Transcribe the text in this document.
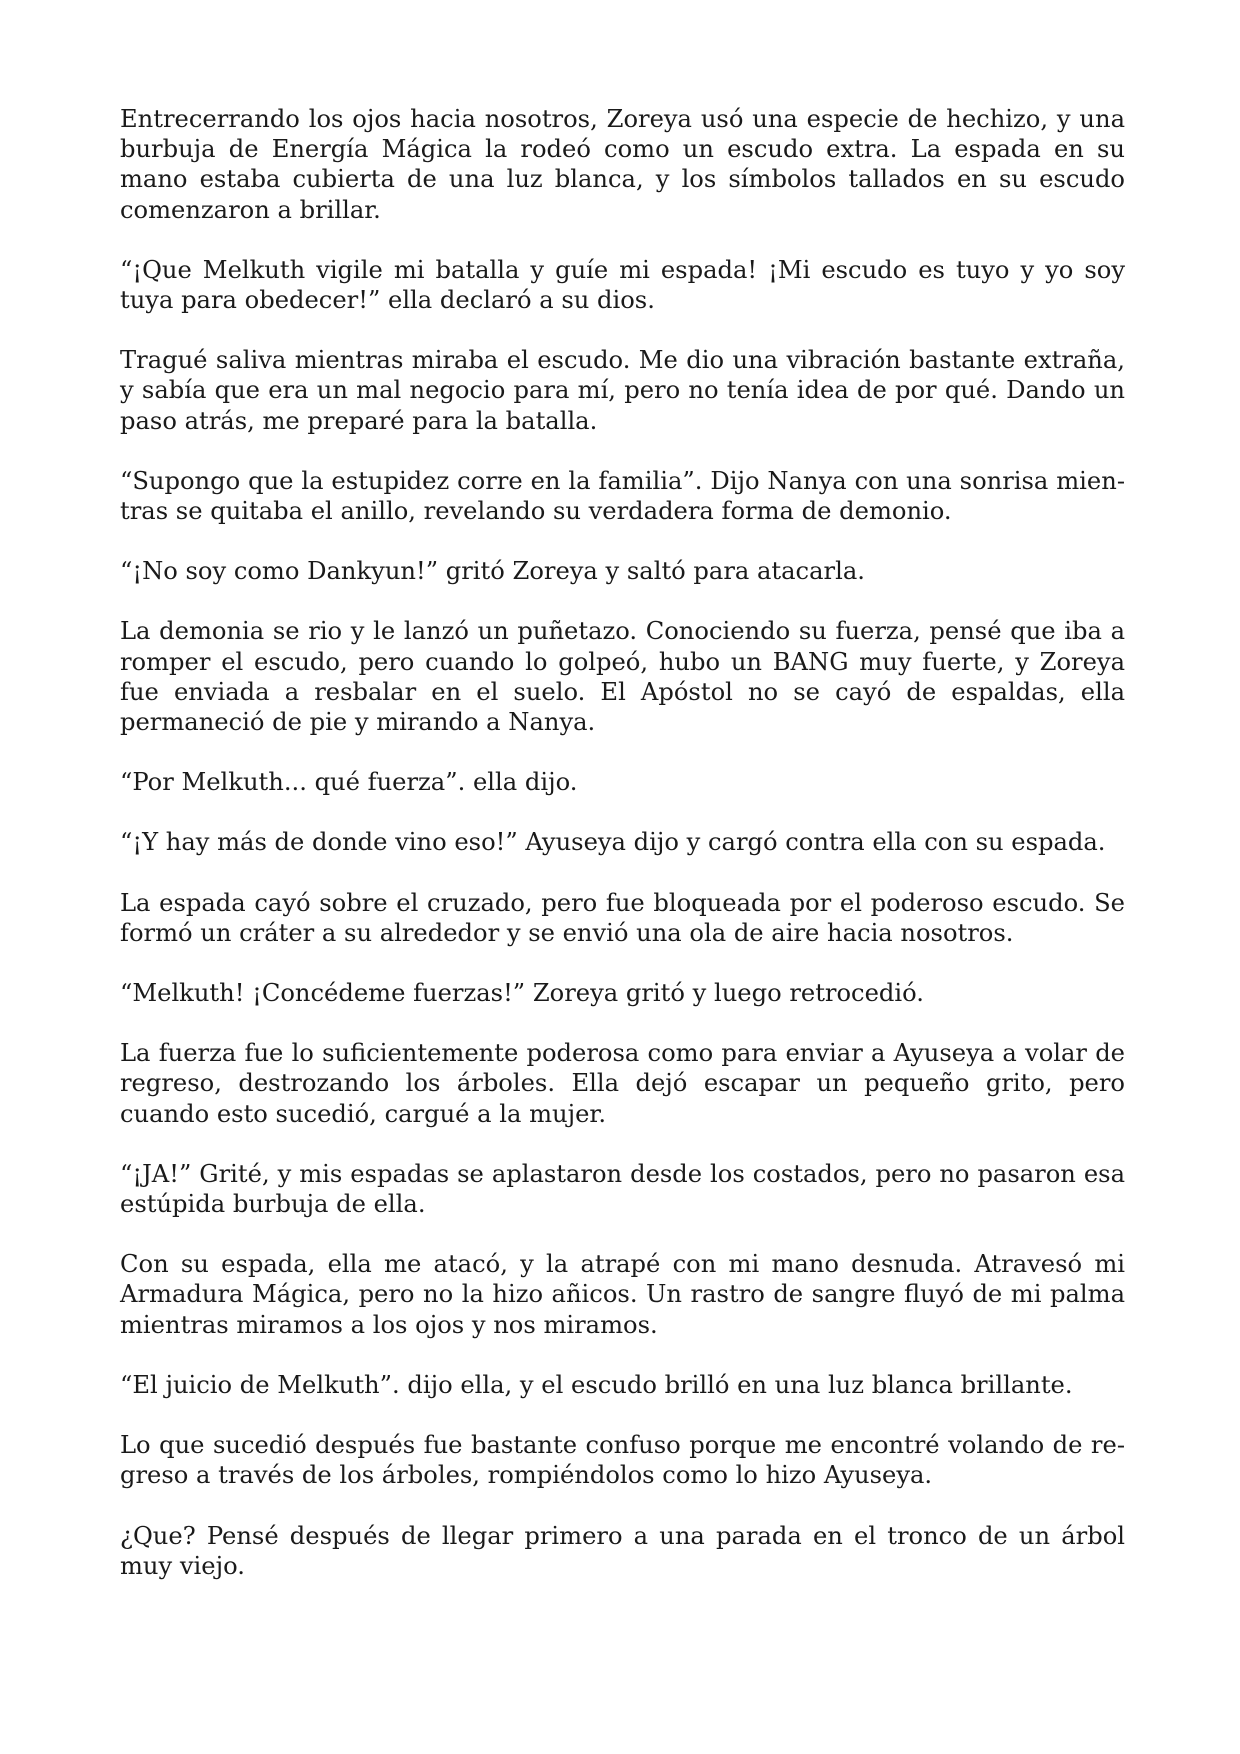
Entrecerrando los ojos hacia nosotros, Zoreya usó una especie de hechizo, y una burbuja de Energía Mágica la rodeó como un escudo extra. La espada en su mano estaba cubierta de una luz blanca, y los símbolos tallados en su escudo comenzaron a brillar.

“¡Que Melkuth vigile mi batalla y guíe mi espada! ¡Mi escudo es tuyo y yo soy tuya para obedecer!” ella declaró a su dios.

Tragué saliva mientras miraba el escudo. Me dio una vibración bastante extraña, y sabía que era un mal negocio para mí, pero no tenía idea de por qué. Dando un paso atrás, me preparé para la batalla.

“Supongo que la estupidez corre en la familia”. Dijo Nanya con una sonrisa mientras se quitaba el anillo, revelando su verdadera forma de demonio.

“¡No soy como Dankyun!” gritó Zoreya y saltó para atacarla.

La demonia se rio y le lanzó un puñetazo. Conociendo su fuerza, pensé que iba a romper el escudo, pero cuando lo golpeó, hubo un BANG muy fuerte, y Zoreya fue enviada a resbalar en el suelo. El Apóstol no se cayó de espaldas, ella permaneció de pie y mirando a Nanya.

“Por Melkuth... qué fuerza”. ella dijo.

“¡Y hay más de donde vino eso!” Ayuseya dijo y cargó contra ella con su espada.

La espada cayó sobre el cruzado, pero fue bloqueada por el poderoso escudo. Se formó un cráter a su alrededor y se envió una ola de aire hacia nosotros.

“Melkuth! ¡Concédeme fuerzas!” Zoreya gritó y luego retrocedió.

La fuerza fue lo suficientemente poderosa como para enviar a Ayuseya a volar de regreso, destrozando los árboles. Ella dejó escapar un pequeño grito, pero cuando esto sucedió, cargué a la mujer.

“¡JA!” Grité, y mis espadas se aplastaron desde los costados, pero no pasaron esa estúpida burbuja de ella.

Con su espada, ella me atacó, y la atrapé con mi mano desnuda. Atravesó mi Armadura Mágica, pero no la hizo añicos. Un rastro de sangre fluyó de mi palma mientras miramos a los ojos y nos miramos.

“El juicio de Melkuth”. dijo ella, y el escudo brilló en una luz blanca brillante.

Lo que sucedió después fue bastante confuso porque me encontré volando de regreso a través de los árboles, rompiéndolos como lo hizo Ayuseya.

¿Que? Pensé después de llegar primero a una parada en el tronco de un árbol muy viejo.
